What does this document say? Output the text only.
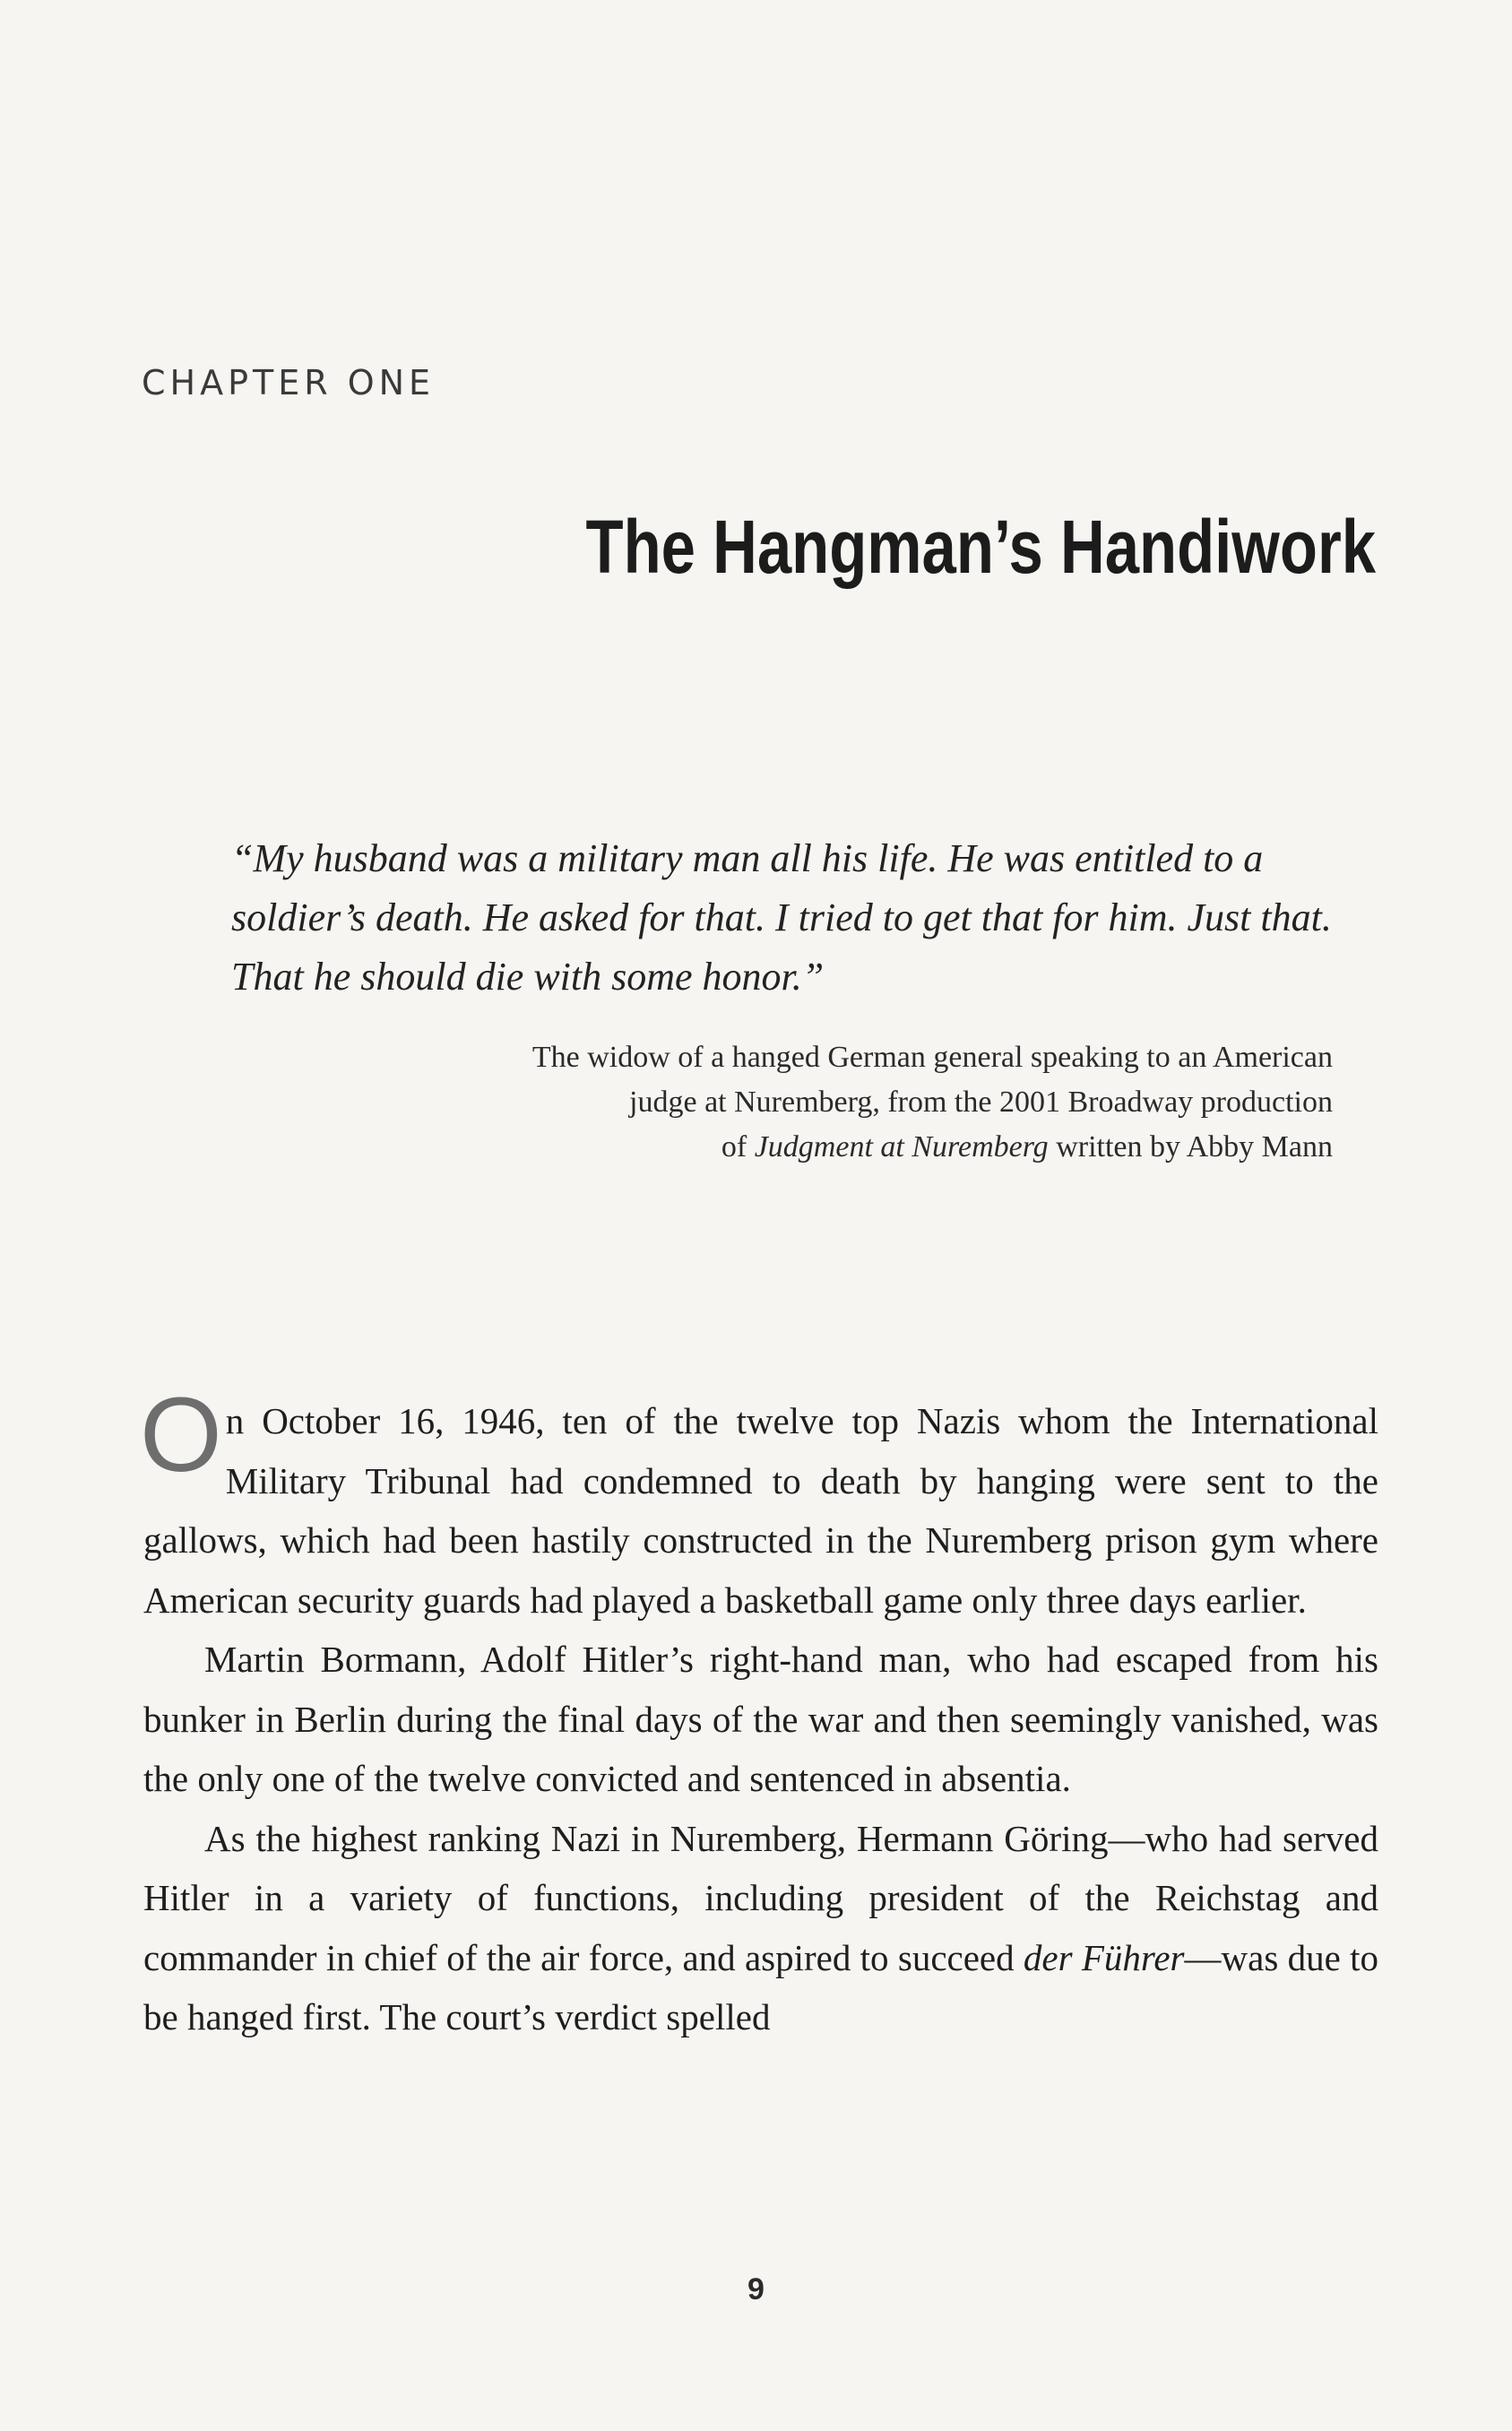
CHAPTER ONE
The Hangman’s Handiwork
“My husband was a military man all his life. He was entitled to a soldier’s death. He asked for that. I tried to get that for him. Just that. That he should die with some honor.”
The widow of a hanged German general speaking to an American
judge at Nuremberg, from the 2001 Broadway production
of Judgment at Nuremberg written by Abby Mann

On October 16, 1946, ten of the twelve top Nazis whom the International Military Tribunal had condemned to death by hanging were sent to the gallows, which had been hastily constructed in the Nuremberg prison gym where American security guards had played a basketball game only three days earlier.

Martin Bormann, Adolf Hitler’s right-hand man, who had escaped from his bunker in Berlin during the final days of the war and then seemingly vanished, was the only one of the twelve convicted and sentenced in absentia.

As the highest ranking Nazi in Nuremberg, Hermann Göring—who had served Hitler in a variety of functions, including president of the Reichstag and commander in chief of the air force, and aspired to succeed der Führer—was due to be hanged first. The court’s verdict spelled

9
